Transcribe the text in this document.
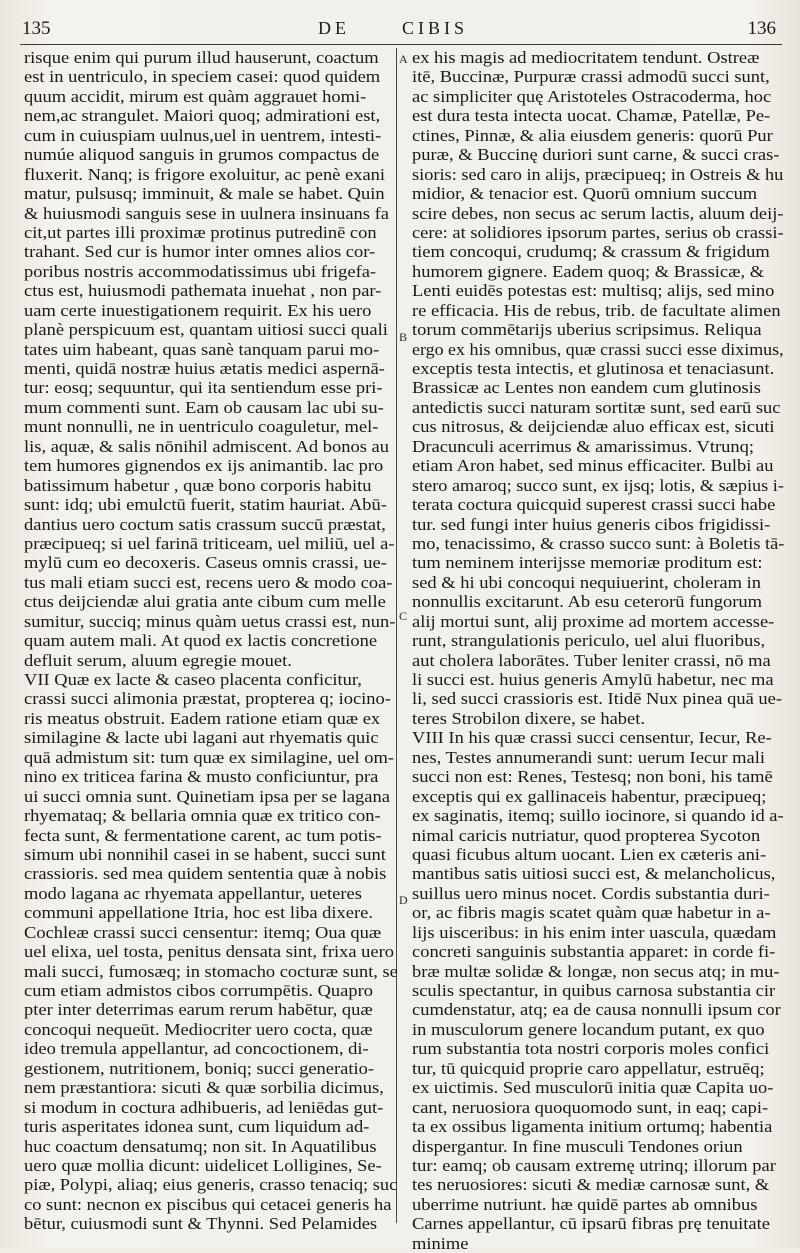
135	DE	CIBIS	136
A
B
C
D
risque enim qui purum illud hauserunt, coactum
est in uentriculo, in speciem casei: quod quidem
quum accidit, mirum est quàm aggrauet homi-
nem,ac strangulet. Maiori quoq; admirationi est,
cum in cuiuspiam uulnus,uel in uentrem, intesti-
numúe aliquod sanguis in grumos compactus de
fluxerit. Nanq; is frigore exoluitur, ac penè exani
matur, pulsusq; imminuit, & male se habet. Quin
& huiusmodi sanguis sese in uulnera insinuans fa
cit,ut partes illi proximæ protinus putredinē con
trahant. Sed cur is humor inter omnes alios cor-
poribus nostris accommodatissimus ubi frigefa-
ctus est, huiusmodi pathemata inuehat , non par-
uam certe inuestigationem requirit. Ex his uero
planè perspicuum est, quantam uitiosi succi quali
tates uim habeant, quas sanè tanquam parui mo-
menti, quidā nostræ huius ætatis medici aspernā-
tur: eosq; sequuntur, qui ita sentiendum esse pri-
mum commenti sunt. Eam ob causam lac ubi su-
munt nonnulli, ne in uentriculo coaguletur, mel-
lis, aquæ, & salis nōnihil admiscent. Ad bonos au
tem humores gignendos ex ijs animantib. lac pro
batissimum habetur , quæ bono corporis habitu
sunt: idq; ubi emulctū fuerit, statim hauriat. Abū-
dantius uero coctum satis crassum succū præstat,
præcipueq; si uel farinā triticeam, uel miliū, uel a-
mylū cum eo decoxeris. Caseus omnis crassi, ue-
tus mali etiam succi est, recens uero & modo coa-
ctus deijciendæ alui gratia ante cibum cum melle
sumitur, succiq; minus quàm uetus crassi est, nun-
quam autem mali. At quod ex lactis concretione
defluit serum, aluum egregie mouet.
VII Quæ ex lacte & caseo placenta conficitur,
crassi succi alimonia præstat, propterea q; iocino-
ris meatus obstruit. Eadem ratione etiam quæ ex
similagine & lacte ubi lagani aut rhyematis quic
quā admistum sit: tum quæ ex similagine, uel om-
nino ex triticea farina & musto conficiuntur, pra
ui succi omnia sunt. Quinetiam ipsa per se lagana
rhyemataq; & bellaria omnia quæ ex tritico con-
fecta sunt, & fermentatione carent, ac tum potis-
simum ubi nonnihil casei in se habent, succi sunt
crassioris. sed mea quidem sententia quæ à nobis
modo lagana ac rhyemata appellantur, ueteres
communi appellatione Itria, hoc est liba dixere.
Cochleæ crassi succi censentur: itemq; Oua quæ
uel elixa, uel tosta, penitus densata sint, frixa uero
mali succi, fumosæq; in stomacho cocturæ sunt, se
cum etiam admistos cibos corrumpētis. Quapro
pter inter deterrimas earum rerum habētur, quæ
concoqui nequeūt. Mediocriter uero cocta, quæ
ideo tremula appellantur, ad concoctionem, di-
gestionem, nutritionem, boniq; succi generatio-
nem præstantiora: sicuti & quæ sorbilia dicimus,
si modum in coctura adhibueris, ad leniēdas gut-
turis asperitates idonea sunt, cum liquidum ad-
huc coactum densatumq; non sit. In Aquatilibus
uero quæ mollia dicunt: uidelicet Lolligines, Se-
piæ, Polypi, aliaq; eius generis, crasso tenaciq; suc
co sunt: necnon ex piscibus qui cetacei generis ha
bētur, cuiusmodi sunt & Thynni. Sed Pelamides
ex his magis ad mediocritatem tendunt. Ostreæ
itē, Buccinæ, Purpuræ crassi admodū succi sunt,
ac simpliciter quę Aristoteles Ostracoderma, hoc
est dura testa intecta uocat. Chamæ, Patellæ, Pe-
ctines, Pinnæ, & alia eiusdem generis: quorū Pur
puræ, & Buccinę duriori sunt carne, & succi cras-
sioris: sed caro in alijs, præcipueq; in Ostreis & hu
midior, & tenacior est. Quorū omnium succum
scire debes, non secus ac serum lactis, aluum deij-
cere: at solidiores ipsorum partes, serius ob crassi-
tiem concoqui, crudumq; & crassum & frigidum
humorem gignere. Eadem quoq; & Brassicæ, &
Lenti euidēs potestas est: multisq; alijs, sed mino
re efficacia. His de rebus, trib. de facultate alimen
torum commētarijs uberius scripsimus. Reliqua
ergo ex his omnibus, quæ crassi succi esse diximus,
exceptis testa intectis, et glutinosa et tenaciasunt.
Brassicæ ac Lentes non eandem cum glutinosis
antedictis succi naturam sortitæ sunt, sed earū suc
cus nitrosus, & deijciendæ aluo efficax est, sicuti
Dracunculi acerrimus & amarissimus. Vtrunq;
etiam Aron habet, sed minus efficaciter. Bulbi au
stero amaroq; succo sunt, ex ijsq; lotis, & sæpius i-
terata coctura quicquid superest crassi succi habe
tur. sed fungi inter huius generis cibos frigidissi-
mo, tenacissimo, & crasso succo sunt: à Boletis tā-
tum neminem interijsse memoriæ proditum est:
sed & hi ubi concoqui nequiuerint, choleram in
nonnullis excitarunt. Ab esu ceterorū fungorum
alij mortui sunt, alij proxime ad mortem accesse-
runt, strangulationis periculo, uel alui fluoribus,
aut cholera laborātes. Tuber leniter crassi, nō ma
li succi est. huius generis Amylū habetur, nec ma
li, sed succi crassioris est. Itidē Nux pinea quā ue-
teres Strobilon dixere, se habet.
VIII In his quæ crassi succi censentur, Iecur, Re-
nes, Testes annumerandi sunt: uerum Iecur mali
succi non est: Renes, Testesq; non boni, his tamē
exceptis qui ex gallinaceis habentur, præcipueq;
ex saginatis, itemq; suillo iocinore, si quando id a-
nimal caricis nutriatur, quod propterea Sycoton
quasi ficubus altum uocant. Lien ex cæteris ani-
mantibus satis uitiosi succi est, & melancholicus,
suillus uero minus nocet. Cordis substantia duri-
or, ac fibris magis scatet quàm quæ habetur in a-
lijs uisceribus: in his enim inter uascula, quædam
concreti sanguinis substantia apparet: in corde fi-
bræ multæ solidæ & longæ, non secus atq; in mu-
sculis spectantur, in quibus carnosa substantia cir
cumdenstatur, atq; ea de causa nonnulli ipsum cor
in musculorum genere locandum putant, ex quo
rum substantia tota nostri corporis moles confici
tur, tū quicquid proprie caro appellatur, estruēq;
ex uictimis. Sed musculorū initia quæ Capita uo-
cant, neruosiora quoquomodo sunt, in eaq; capi-
ta ex ossibus ligamenta initium ortumq; habentia
dispergantur. In fine musculi Tendones oriun
tur: eamq; ob causam extremę utrinq; illorum par
tes neruosiores: sicuti & mediæ carnosæ sunt, &
uberrime nutriunt. hæ quidē partes ab omnibus
Carnes appellantur, cū ipsarū fibras prę tenuitate
minime
